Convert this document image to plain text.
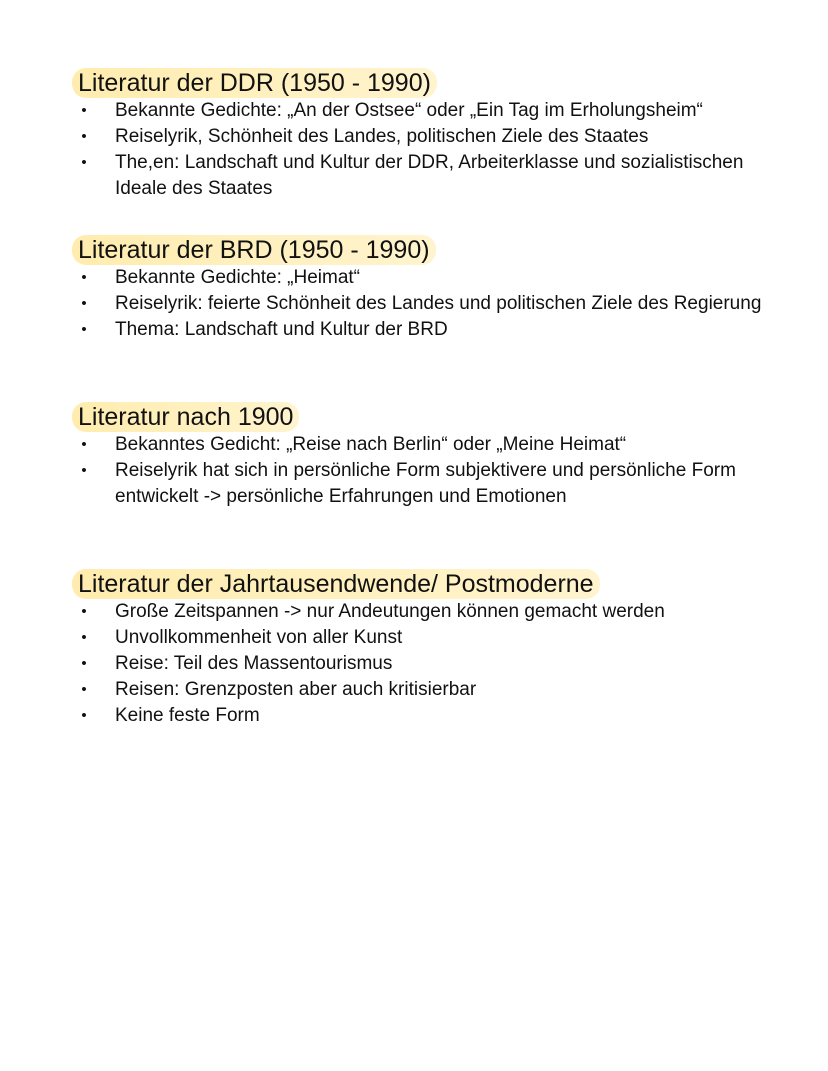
Literatur der DDR (1950 - 1990)
• Bekannte Gedichte: „An der Ostsee“ oder „Ein Tag im Erholungsheim“
• Reiselyrik, Schönheit des Landes, politischen Ziele des Staates
• The,en: Landschaft und Kultur der DDR, Arbeiterklasse und sozialistischen Ideale des Staates
Literatur der BRD (1950 - 1990)
• Bekannte Gedichte: „Heimat“
• Reiselyrik: feierte Schönheit des Landes und politischen Ziele des Regierung
• Thema: Landschaft und Kultur der BRD
Literatur nach 1900
• Bekanntes Gedicht: „Reise nach Berlin“ oder „Meine Heimat“
• Reiselyrik hat sich in persönliche Form subjektivere und persönliche Form entwickelt -> persönliche Erfahrungen und Emotionen
Literatur der Jahrtausendwende/ Postmoderne
• Große Zeitspannen -> nur Andeutungen können gemacht werden
• Unvollkommenheit von aller Kunst
• Reise: Teil des Massentourismus
• Reisen: Grenzposten aber auch kritisierbar
• Keine feste Form
